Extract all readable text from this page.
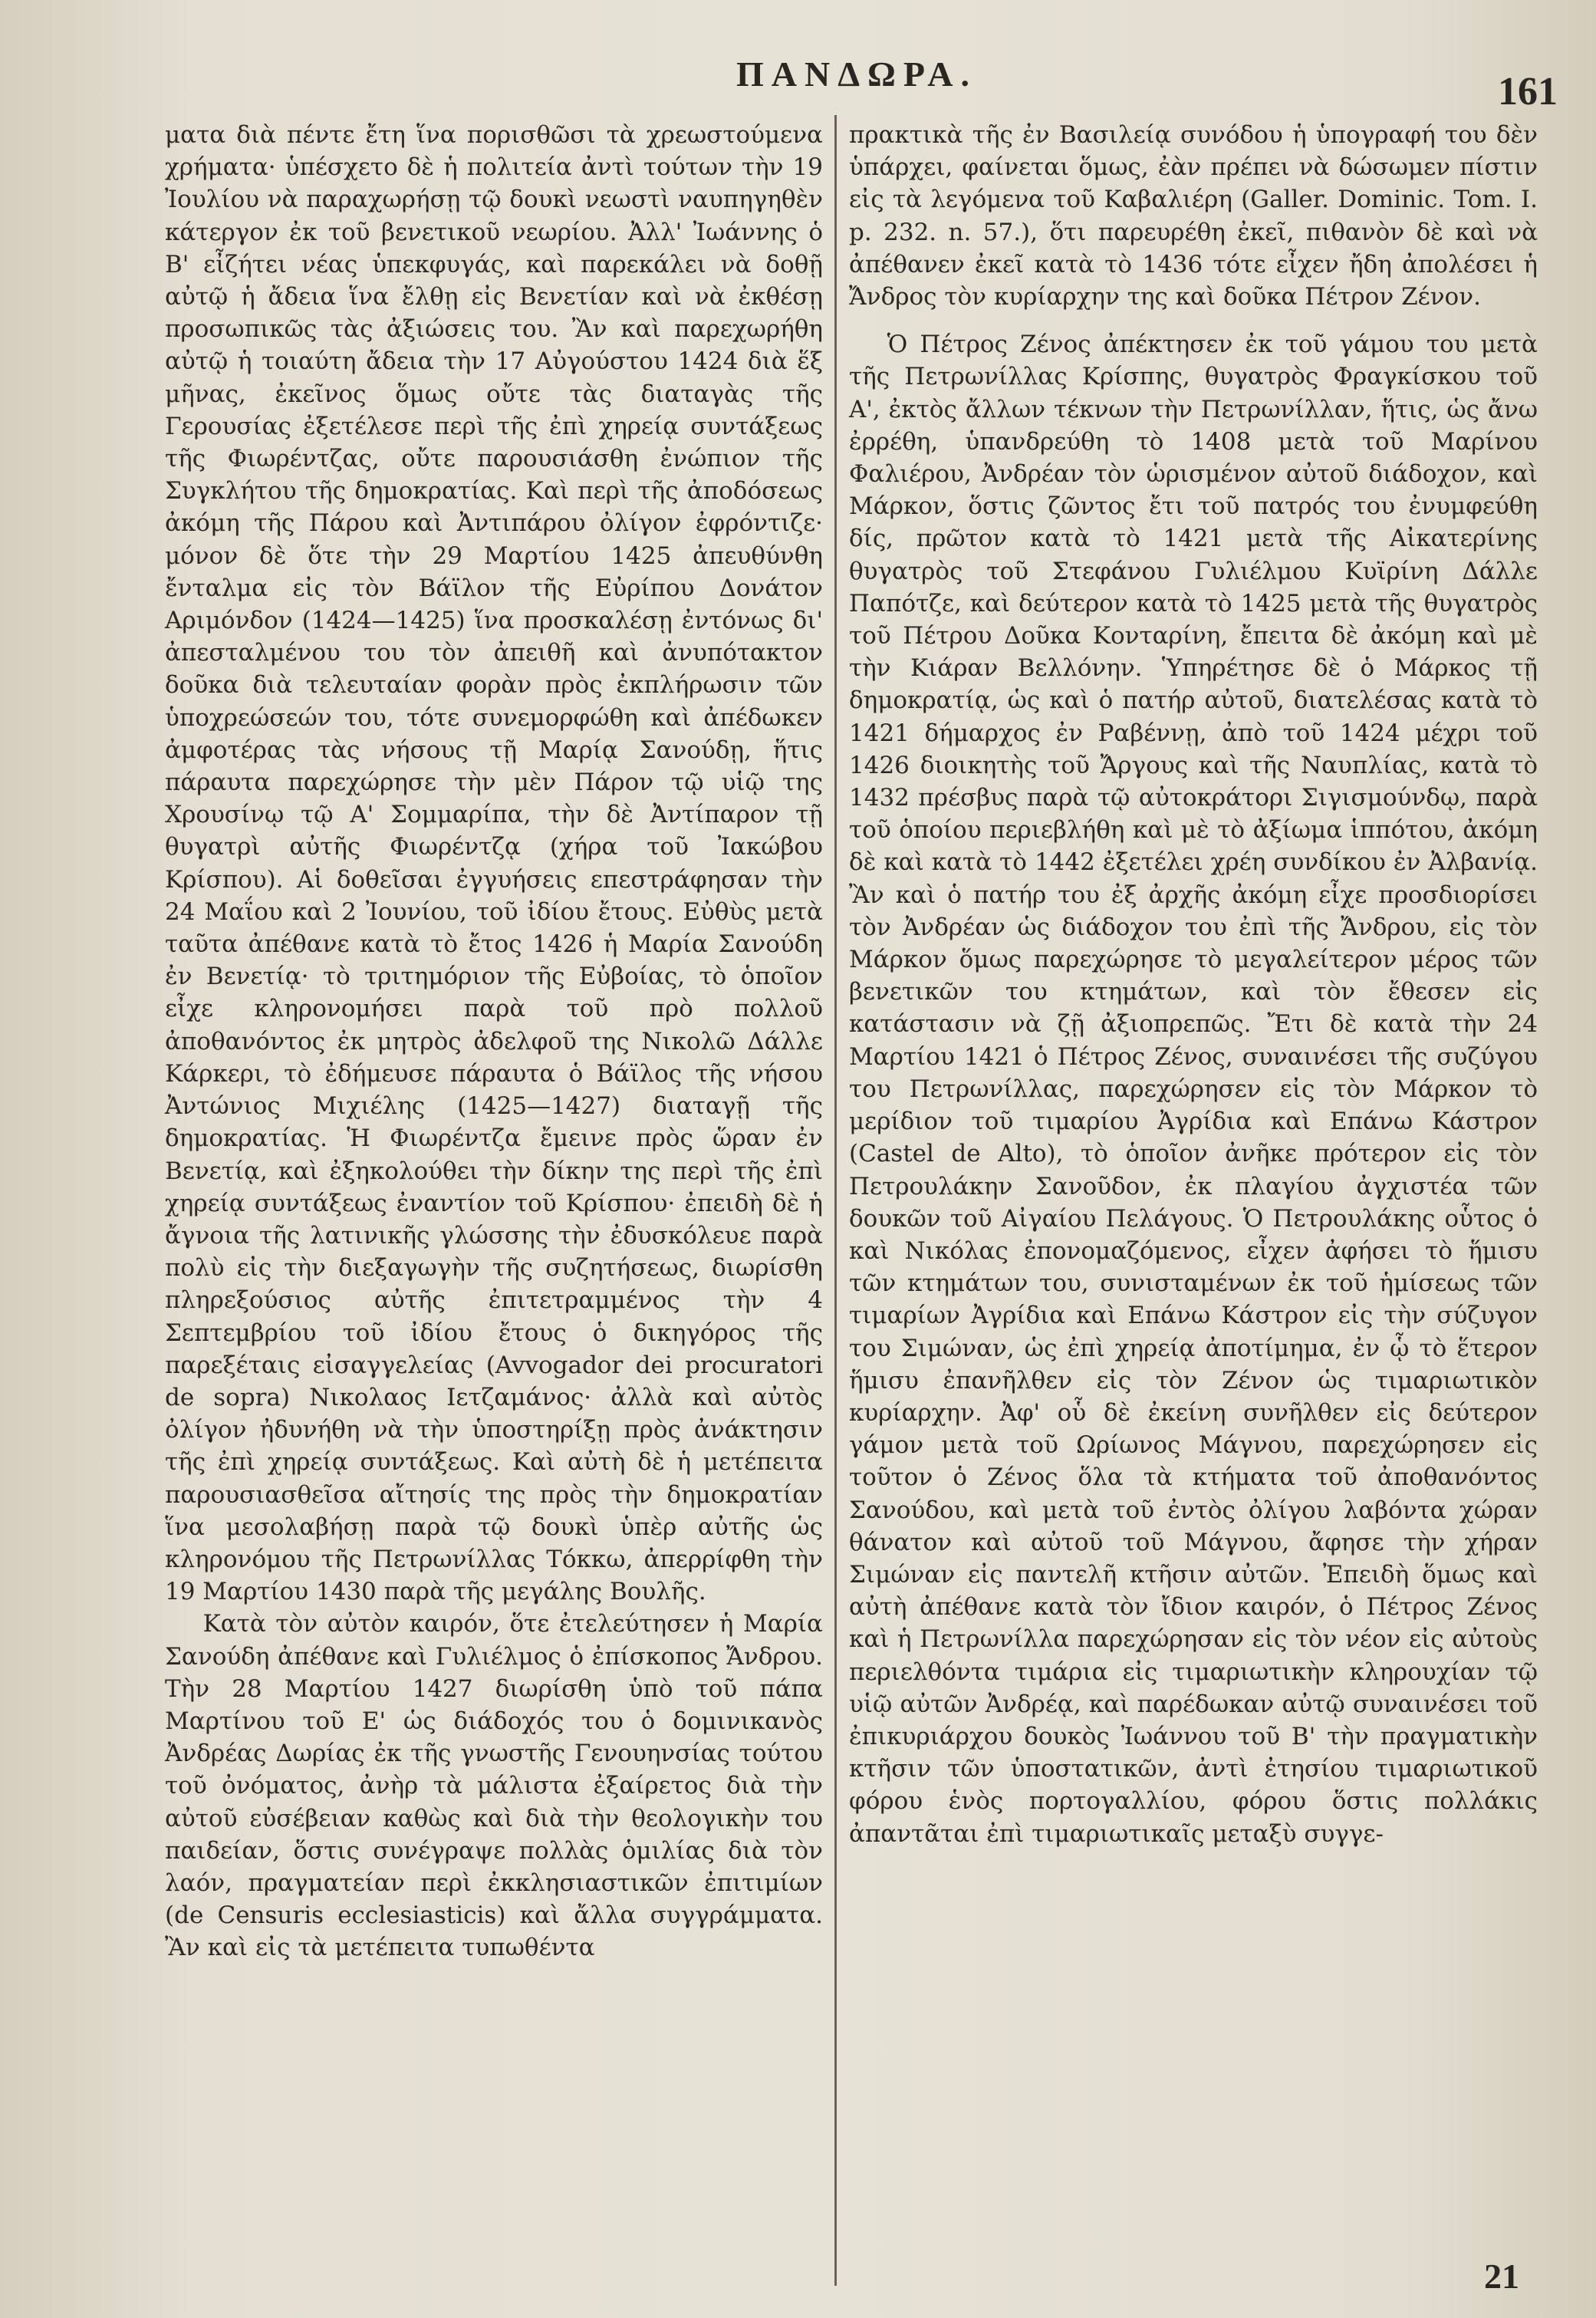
ΠΑΝΔΩΡΑ.	161

ματα διὰ πέντε ἔτη ἵνα πορισθῶσι τὰ χρεωστούμενα χρήματα· ὑπέσχετο δὲ ἡ πολιτεία ἀντὶ τούτων τὴν 19 Ἰουλίου νὰ παραχωρήσῃ τῷ δουκὶ νεωστὶ ναυπηγηθὲν κάτεργον ἐκ τοῦ βενετικοῦ νεωρίου. Ἀλλ' Ἰωάννης ὁ Β' εἶζήτει νέας ὑπεκφυγάς, καὶ παρεκάλει νὰ δοθῇ αὐτῷ ἡ ἄδεια ἵνα ἔλθῃ εἰς Βενετίαν καὶ νὰ ἐκθέσῃ προσωπικῶς τὰς ἀξιώσεις του. Ἂν καὶ παρεχωρήθη αὐτῷ ἡ τοιαύτη ἄδεια τὴν 17 Αὐγούστου 1424 διὰ ἕξ μῆνας, ἐκεῖνος ὅμως οὔτε τὰς διαταγὰς τῆς Γερουσίας ἐξετέλεσε περὶ τῆς ἐπὶ χηρείᾳ συντάξεως τῆς Φιωρέντζας, οὔτε παρουσιάσθη ἐνώπιον τῆς Συγκλήτου τῆς δημοκρατίας. Καὶ περὶ τῆς ἀποδόσεως ἀκόμη τῆς Πάρου καὶ Ἀντιπάρου ὀλίγον ἐφρόντιζε· μόνον δὲ ὅτε τὴν 29 Μαρτίου 1425 ἀπευθύνθη ἔνταλμα εἰς τὸν Βάϊλον τῆς Εὐρίπου Δονάτον Αριμόνδον (1424—1425) ἵνα προσκαλέσῃ ἐντόνως δι' ἀπεσταλμένου του τὸν ἀπειθῆ καὶ ἀνυπότακτον δοῦκα διὰ τελευταίαν φορὰν πρὸς ἐκπλήρωσιν τῶν ὑποχρεώσεών του, τότε συνεμορφώθη καὶ ἀπέδωκεν ἀμφοτέρας τὰς νήσους τῇ Μαρίᾳ Σανούδῃ, ἥτις πάραυτα παρεχώρησε τὴν μὲν Πάρον τῷ υἱῷ της Χρουσίνῳ τῷ Α' Σομμαρίπα, τὴν δὲ Ἀντίπαρον τῇ θυγατρὶ αὐτῆς Φιωρέντζᾳ (χήρα τοῦ Ἰακώβου Κρίσπου). Αἱ δοθεῖσαι ἐγγυήσεις επεστράφησαν τὴν 24 Μαΐου καὶ 2 Ἰουνίου, τοῦ ἰδίου ἔτους. Εὐθὺς μετὰ ταῦτα ἀπέθανε κατὰ τὸ ἔτος 1426 ἡ Μαρία Σανούδη ἐν Βενετίᾳ· τὸ τριτημόριον τῆς Εὐβοίας, τὸ ὁποῖον εἶχε κληρονομήσει παρὰ τοῦ πρὸ πολλοῦ ἀποθανόντος ἐκ μητρὸς ἀδελφοῦ της Νικολῶ Δάλλε Κάρκερι, τὸ ἐδήμευσε πάραυτα ὁ Βάϊλος τῆς νήσου Ἀντώνιος Μιχιέλης (1425—1427) διαταγῇ τῆς δημοκρατίας. Ἡ Φιωρέντζα ἔμεινε πρὸς ὥραν ἐν Βενετίᾳ, καὶ ἐξηκολούθει τὴν δίκην της περὶ τῆς ἐπὶ χηρείᾳ συντάξεως ἐναντίον τοῦ Κρίσπου· ἐπειδὴ δὲ ἡ ἄγνοια τῆς λατινικῆς γλώσσης τὴν ἐδυσκόλευε παρὰ πολὺ εἰς τὴν διεξαγωγὴν τῆς συζητήσεως, διωρίσθη πληρεξούσιος αὐτῆς ἐπιτετραμμένος τὴν 4 Σεπτεμβρίου τοῦ ἰδίου ἔτους ὁ δικηγόρος τῆς παρεξέταις εἰσαγγελείας (Avvogador dei procuratori de sopra) Νικολαος Ιετζαμάνος· ἀλλὰ καὶ αὐτὸς ὀλίγον ἠδυνήθη νὰ τὴν ὑποστηρίξῃ πρὸς ἀνάκτησιν τῆς ἐπὶ χηρείᾳ συντάξεως. Καὶ αὐτὴ δὲ ἡ μετέπειτα παρουσιασθεῖσα αἴτησίς της πρὸς τὴν δημοκρατίαν ἵνα μεσολαβήσῃ παρὰ τῷ δουκὶ ὑπὲρ αὐτῆς ὡς κληρονόμου τῆς Πετρωνίλλας Τόκκω, ἀπερρίφθη τὴν 19 Μαρτίου 1430 παρὰ τῆς μεγάλης Βουλῆς.

Κατὰ τὸν αὐτὸν καιρόν, ὅτε ἐτελεύτησεν ἡ Μαρία Σανούδη ἀπέθανε καὶ Γυλιέλμος ὁ ἐπίσκοπος Ἄνδρου. Τὴν 28 Μαρτίου 1427 διωρίσθη ὑπὸ τοῦ πάπα Μαρτίνου τοῦ Ε' ὡς διάδοχός του ὁ δομινικανὸς Ἀνδρέας Δωρίας ἐκ τῆς γνωστῆς Γενουηνσίας τούτου τοῦ ὀνόματος, ἀνὴρ τὰ μάλιστα ἐξαίρετος διὰ τὴν αὐτοῦ εὐσέβειαν καθὼς καὶ διὰ τὴν θεολογικὴν του παιδείαν, ὅστις συνέγραψε πολλὰς ὁμιλίας διὰ τὸν λαόν, πραγματείαν περὶ ἐκκλησιαστικῶν ἐπιτιμίων (de Censuris ecclesiasticis) καὶ ἄλλα συγγράμματα. Ἂν καὶ εἰς τὰ μετέπειτα τυπωθέντα

πρακτικὰ τῆς ἐν Βασιλείᾳ συνόδου ἡ ὑπογραφή του δὲν ὑπάρχει, φαίνεται ὅμως, ἐὰν πρέπει νὰ δώσωμεν πίστιν εἰς τὰ λεγόμενα τοῦ Καβαλιέρη (Galler. Dominic. Tom. I. p. 232. n. 57.), ὅτι παρευρέθη ἐκεῖ, πιθανὸν δὲ καὶ νὰ ἀπέθανεν ἐκεῖ κατὰ τὸ 1436 τότε εἶχεν ἤδη ἀπολέσει ἡ Ἄνδρος τὸν κυρίαρχην της καὶ δοῦκα Πέτρον Ζένον.

Ὁ Πέτρος Ζένος ἀπέκτησεν ἐκ τοῦ γάμου του μετὰ τῆς Πετρωνίλλας Κρίσπης, θυγατρὸς Φραγκίσκου τοῦ Α', ἐκτὸς ἄλλων τέκνων τὴν Πετρωνίλλαν, ἥτις, ὡς ἄνω ἐρρέθη, ὑπανδρεύθη τὸ 1408 μετὰ τοῦ Μαρίνου Φαλιέρου, Ἀνδρέαν τὸν ὡρισμένον αὐτοῦ διάδοχον, καὶ Μάρκον, ὅστις ζῶντος ἔτι τοῦ πατρός του ἐνυμφεύθη δίς, πρῶτον κατὰ τὸ 1421 μετὰ τῆς Αἰκατερίνης θυγατρὸς τοῦ Στεφάνου Γυλιέλμου Κυϊρίνη Δάλλε Παπότζε, καὶ δεύτερον κατὰ τὸ 1425 μετὰ τῆς θυγατρὸς τοῦ Πέτρου Δοῦκα Κονταρίνη, ἔπειτα δὲ ἀκόμη καὶ μὲ τὴν Κιάραν Βελλόνην. Ὑπηρέτησε δὲ ὁ Μάρκος τῇ δημοκρατίᾳ, ὡς καὶ ὁ πατήρ αὐτοῦ, διατελέσας κατὰ τὸ 1421 δήμαρχος ἐν Ραβέννῃ, ἀπὸ τοῦ 1424 μέχρι τοῦ 1426 διοικητὴς τοῦ Ἄργους καὶ τῆς Ναυπλίας, κατὰ τὸ 1432 πρέσβυς παρὰ τῷ αὐτοκράτορι Σιγισμούνδῳ, παρὰ τοῦ ὁποίου περιεβλήθη καὶ μὲ τὸ ἀξίωμα ἱππότου, ἀκόμη δὲ καὶ κατὰ τὸ 1442 ἐξετέλει χρέη συνδίκου ἐν Ἀλβανίᾳ. Ἂν καὶ ὁ πατήρ του ἐξ ἀρχῆς ἀκόμη εἶχε προσδιορίσει τὸν Ἀνδρέαν ὡς διάδοχον του ἐπὶ τῆς Ἄνδρου, εἰς τὸν Μάρκον ὅμως παρεχώρησε τὸ μεγαλείτερον μέρος τῶν βενετικῶν του κτημάτων, καὶ τὸν ἔθεσεν εἰς κατάστασιν νὰ ζῇ ἀξιοπρεπῶς. Ἔτι δὲ κατὰ τὴν 24 Μαρτίου 1421 ὁ Πέτρος Ζένος, συναινέσει τῆς συζύγου του Πετρωνίλλας, παρεχώρησεν εἰς τὸν Μάρκον τὸ μερίδιον τοῦ τιμαρίου Ἀγρίδια καὶ Επάνω Κάστρον (Castel de Alto), τὸ ὁποῖον ἀνῆκε πρότερον εἰς τὸν Πετρουλάκην Σανοῦδον, ἐκ πλαγίου ἀγχιστέα τῶν δουκῶν τοῦ Αἰγαίου Πελάγους. Ὁ Πετρουλάκης οὗτος ὁ καὶ Νικόλας ἐπονομαζόμενος, εἶχεν ἀφήσει τὸ ἥμισυ τῶν κτημάτων του, συνισταμένων ἐκ τοῦ ἡμίσεως τῶν τιμαρίων Ἀγρίδια καὶ Επάνω Κάστρον εἰς τὴν σύζυγον του Σιμώναν, ὡς ἐπὶ χηρείᾳ ἀποτίμημα, ἐν ᾧ τὸ ἕτερον ἥμισυ ἐπανῆλθεν εἰς τὸν Ζένον ὡς τιμαριωτικὸν κυρίαρχην. Ἀφ' οὗ δὲ ἐκείνη συνῆλθεν εἰς δεύτερον γάμον μετὰ τοῦ Ωρίωνος Μάγνου, παρεχώρησεν εἰς τοῦτον ὁ Ζένος ὅλα τὰ κτήματα τοῦ ἀποθανόντος Σανούδου, καὶ μετὰ τοῦ ἐντὸς ὀλίγου λαβόντα χώραν θάνατον καὶ αὐτοῦ τοῦ Μάγνου, ἄφησε τὴν χήραν Σιμώναν εἰς παντελῆ κτῆσιν αὐτῶν. Ἐπειδὴ ὅμως καὶ αὐτὴ ἀπέθανε κατὰ τὸν ἴδιον καιρόν, ὁ Πέτρος Ζένος καὶ ἡ Πετρωνίλλα παρεχώρησαν εἰς τὸν νέον εἰς αὐτοὺς περιελθόντα τιμάρια εἰς τιμαριωτικὴν κληρουχίαν τῷ υἱῷ αὐτῶν Ἀνδρέᾳ, καὶ παρέδωκαν αὐτῷ συναινέσει τοῦ ἐπικυριάρχου δουκὸς Ἰωάννου τοῦ Β' τὴν πραγματικὴν κτῆσιν τῶν ὑποστατικῶν, ἀντὶ ἐτησίου τιμαριωτικοῦ φόρου ἑνὸς πορτογαλλίου, φόρου ὅστις πολλάκις ἀπαντᾶται ἐπὶ τιμαριωτικαῖς μεταξὺ συγγε-

21
